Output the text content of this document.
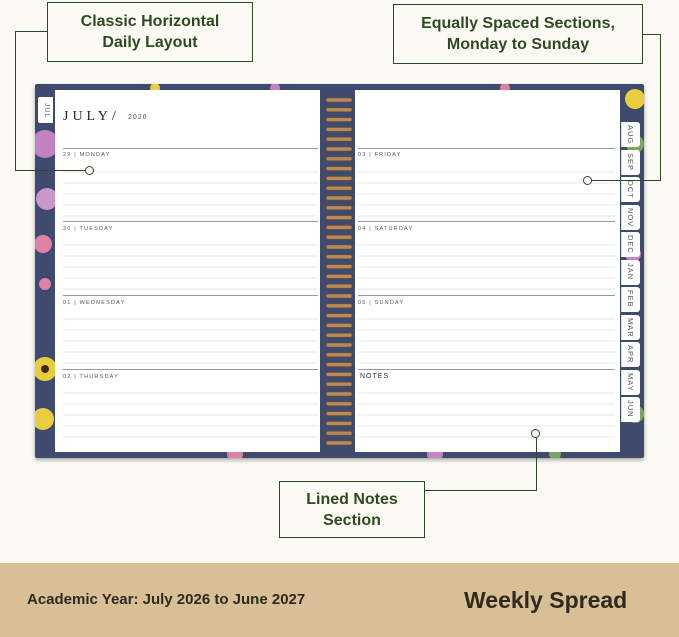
Classic Horizontal
Daily Layout
Equally Spaced Sections,
Monday to Sunday
JUL JULY/ 2026
29 | MONDAY
30 | TUESDAY
01 | WEDNESDAY
02 | THURSDAY
03 | FRIDAY
04 | SATURDAY
05 | SUNDAY
NOTES
AUG
SEP
OCT
NOV
DEC
JAN
FEB
MAR
APR
MAY
JUN
Lined Notes
Section
Academic Year: July 2026 to June 2027	Weekly Spread
